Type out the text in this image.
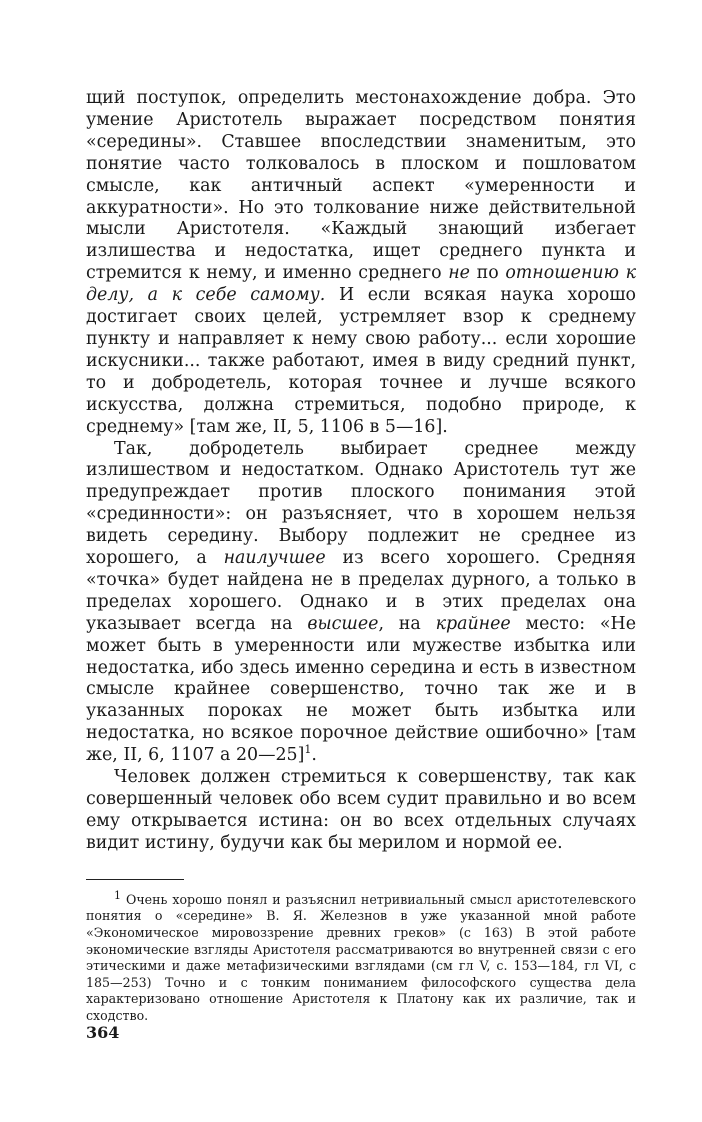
щий поступок, определить местонахождение добра. Это умение Аристотель выражает посредством понятия «середины». Ставшее впоследствии знаменитым, это понятие часто толковалось в плоском и пошловатом смысле, как античный аспект «умеренности и аккуратности». Но это толкование ниже действительной мысли Аристотеля. «Каждый знающий избегает излишества и недостатка, ищет среднего пункта и стремится к нему, и именно среднего не по отношению к делу, а к себе самому. И если всякая наука хорошо достигает своих целей, устремляет взор к среднему пункту и направляет к нему свою работу... если хорошие искусники... также работают, имея в виду средний пункт, то и добродетель, которая точнее и лучше всякого искусства, должна стремиться, подобно природе, к среднему» [там же, II, 5, 1106 в 5—16].

Так, добродетель выбирает среднее между излишеством и недостатком. Однако Аристотель тут же предупреждает против плоского понимания этой «срединности»: он разъясняет, что в хорошем нельзя видеть середину. Выбору подлежит не среднее из хорошего, а наилучшее из всего хорошего. Средняя «точка» будет найдена не в пределах дурного, а только в пределах хорошего. Однако и в этих пределах она указывает всегда на высшее, на крайнее место: «Не может быть в умеренности или мужестве избытка или недостатка, ибо здесь именно середина и есть в известном смысле крайнее совершенство, точно так же и в указанных пороках не может быть избытка или недостатка, но всякое порочное действие ошибочно» [там же, II, 6, 1107 а 20—25]$^1$.

Человек должен стремиться к совершенству, так как совершенный человек обо всем судит правильно и во всем ему открывается истина: он во всех отдельных случаях видит истину, будучи как бы мерилом и нормой ее.

$^1$ Очень хорошо понял и разъяснил нетривиальный смысл аристотелевского понятия о «середине» В. Я. Железнов в уже указанной мной работе «Экономическое мировоззрение древних греков» (с 163) В этой работе экономические взгляды Аристотеля рассматриваются во внутренней связи с его этическими и даже метафизическими взглядами (см гл V, с. 153—184, гл VI, с 185—253) Точно и с тонким пониманием философского существа дела характеризовано отношение Аристотеля к Платону как их различие, так и сходство.

364
